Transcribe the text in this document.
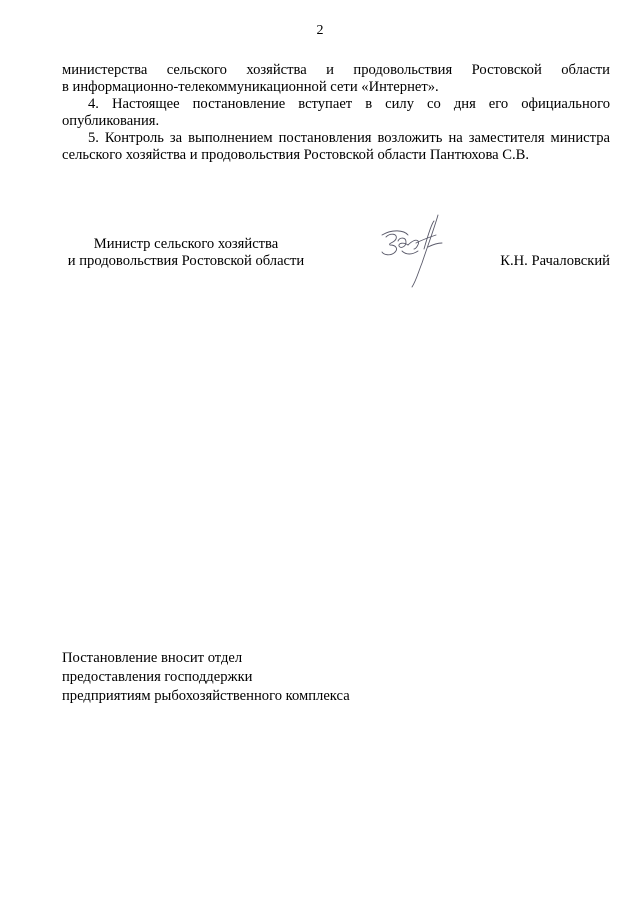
2

министерства сельского хозяйства и продовольствия Ростовской области

в информационно-телекоммуникационной сети «Интернет».

4. Настоящее постановление вступает в силу со дня его официального опубликования.

5. Контроль за выполнением постановления возложить на заместителя министра сельского хозяйства и продовольствия Ростовской области Пантюхова С.В.

Министр сельского хозяйства
и продовольствия Ростовской области	К.Н. Рачаловский
Постановление вносит отдел
предоставления господдержки
предприятиям рыбохозяйственного комплекса
